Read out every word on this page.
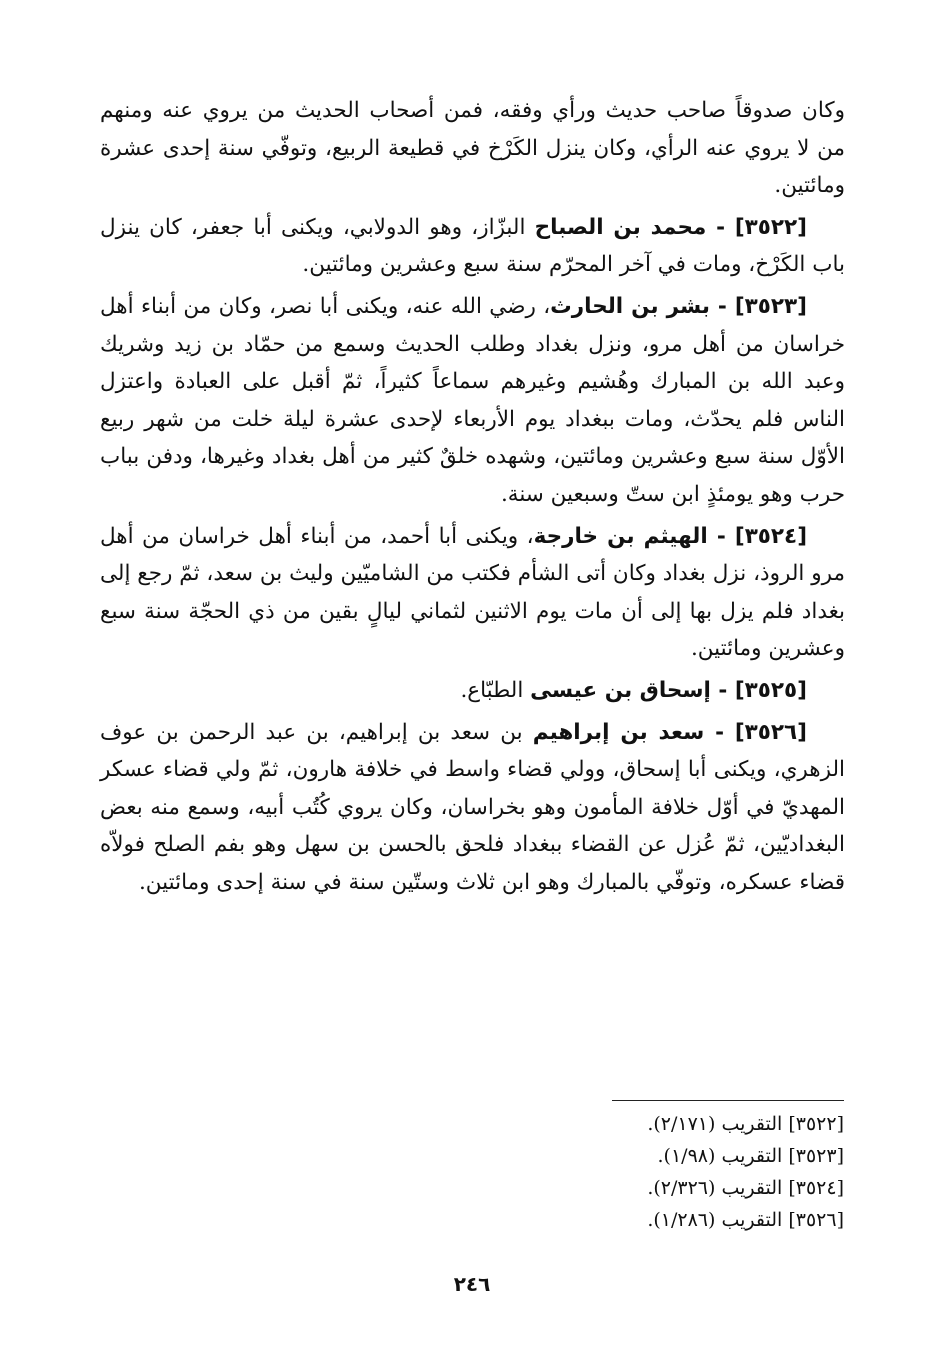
وكان صدوقاً صاحب حديث ورأي وفقه، فمن أصحاب الحديث من يروي عنه ومنهم من لا يروي عنه الرأي، وكان ينزل الكَرْخ في قطيعة الربيع، وتوفّي سنة إحدى عشرة ومائتين.

[٣٥٢٢] - محمد بن الصباح البزّاز، وهو الدولابي، ويكنى أبا جعفر، كان ينزل باب الكَرْخ، ومات في آخر المحرّم سنة سبع وعشرين ومائتين.

[٣٥٢٣] - بشر بن الحارث، رضي الله عنه، ويكنى أبا نصر، وكان من أبناء أهل خراسان من أهل مرو، ونزل بغداد وطلب الحديث وسمع من حمّاد بن زيد وشريك وعبد الله بن المبارك وهُشيم وغيرهم سماعاً كثيراً، ثمّ أقبل على العبادة واعتزل الناس فلم يحدّث، ومات ببغداد يوم الأربعاء لإحدى عشرة ليلة خلت من شهر ربيع الأوّل سنة سبع وعشرين ومائتين، وشهده خلقٌ كثير من أهل بغداد وغيرها، ودفن بباب حرب وهو يومئذٍ ابن ستّ وسبعين سنة.

[٣٥٢٤] - الهيثم بن خارجة، ويكنى أبا أحمد، من أبناء أهل خراسان من أهل مرو الروذ، نزل بغداد وكان أتى الشأم فكتب من الشاميّين وليث بن سعد، ثمّ رجع إلى بغداد فلم يزل بها إلى أن مات يوم الاثنين لثماني ليالٍ بقين من ذي الحجّة سنة سبع وعشرين ومائتين.

[٣٥٢٥] - إسحاق بن عيسى الطبّاع.

[٣٥٢٦] - سعد بن إبراهيم بن سعد بن إبراهيم، بن عبد الرحمن بن عوف الزهري، ويكنى أبا إسحاق، وولي قضاء واسط في خلافة هارون، ثمّ ولي قضاء عسكر المهديّ في أوّل خلافة المأمون وهو بخراسان، وكان يروي كُتُب أبيه، وسمع منه بعض البغداديّين، ثمّ عُزل عن القضاء ببغداد فلحق بالحسن بن سهل وهو بفم الصلح فولاّه قضاء عسكره، وتوفّي بالمبارك وهو ابن ثلاث وستّين سنة في سنة إحدى ومائتين.

[٣٥٢٢] التقريب (٢/١٧١).

[٣٥٢٣] التقريب (١/٩٨).

[٣٥٢٤] التقريب (٢/٣٢٦).

[٣٥٢٦] التقريب (١/٢٨٦).

٢٤٦
